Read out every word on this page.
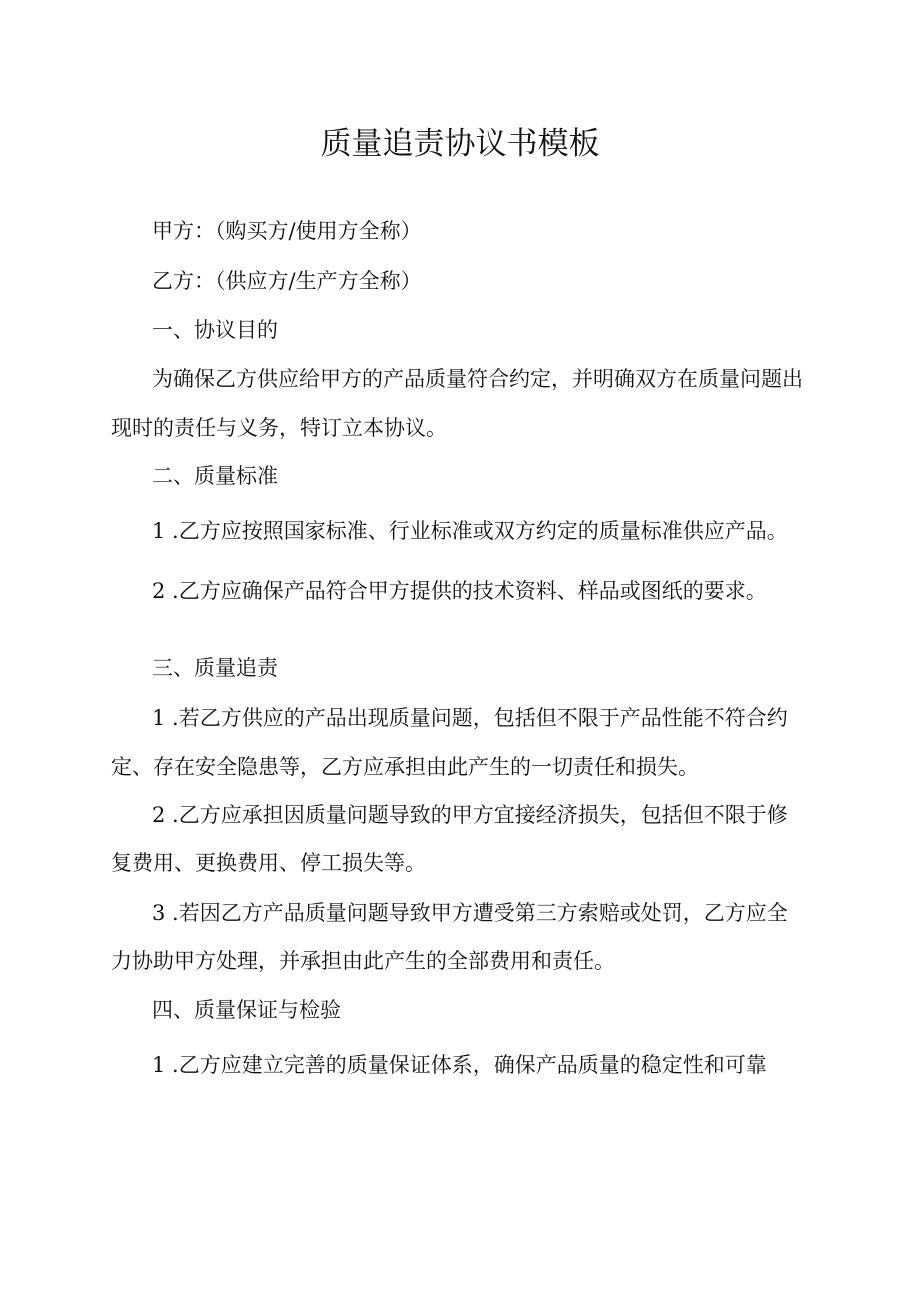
质量追责协议书模板
甲方：（购买方/使用方全称）
乙方：（供应方/生产方全称）
一、协议目的
为确保乙方供应给甲方的产品质量符合约定，并明确双方在质量问题出
现时的责任与义务，特订立本协议。
二、质量标准
1 .乙方应按照国家标准、行业标准或双方约定的质量标准供应产品。
2 .乙方应确保产品符合甲方提供的技术资料、样品或图纸的要求。
三、质量追责
1 .若乙方供应的产品出现质量问题，包括但不限于产品性能不符合约
定、存在安全隐患等，乙方应承担由此产生的一切责任和损失。
2 .乙方应承担因质量问题导致的甲方宜接经济损失，包括但不限于修
复费用、更换费用、停工损失等。
3 .若因乙方产品质量问题导致甲方遭受第三方索赔或处罚，乙方应全
力协助甲方处理，并承担由此产生的全部费用和责任。
四、质量保证与检验
1 .乙方应建立完善的质量保证体系，确保产品质量的稳定性和可靠
